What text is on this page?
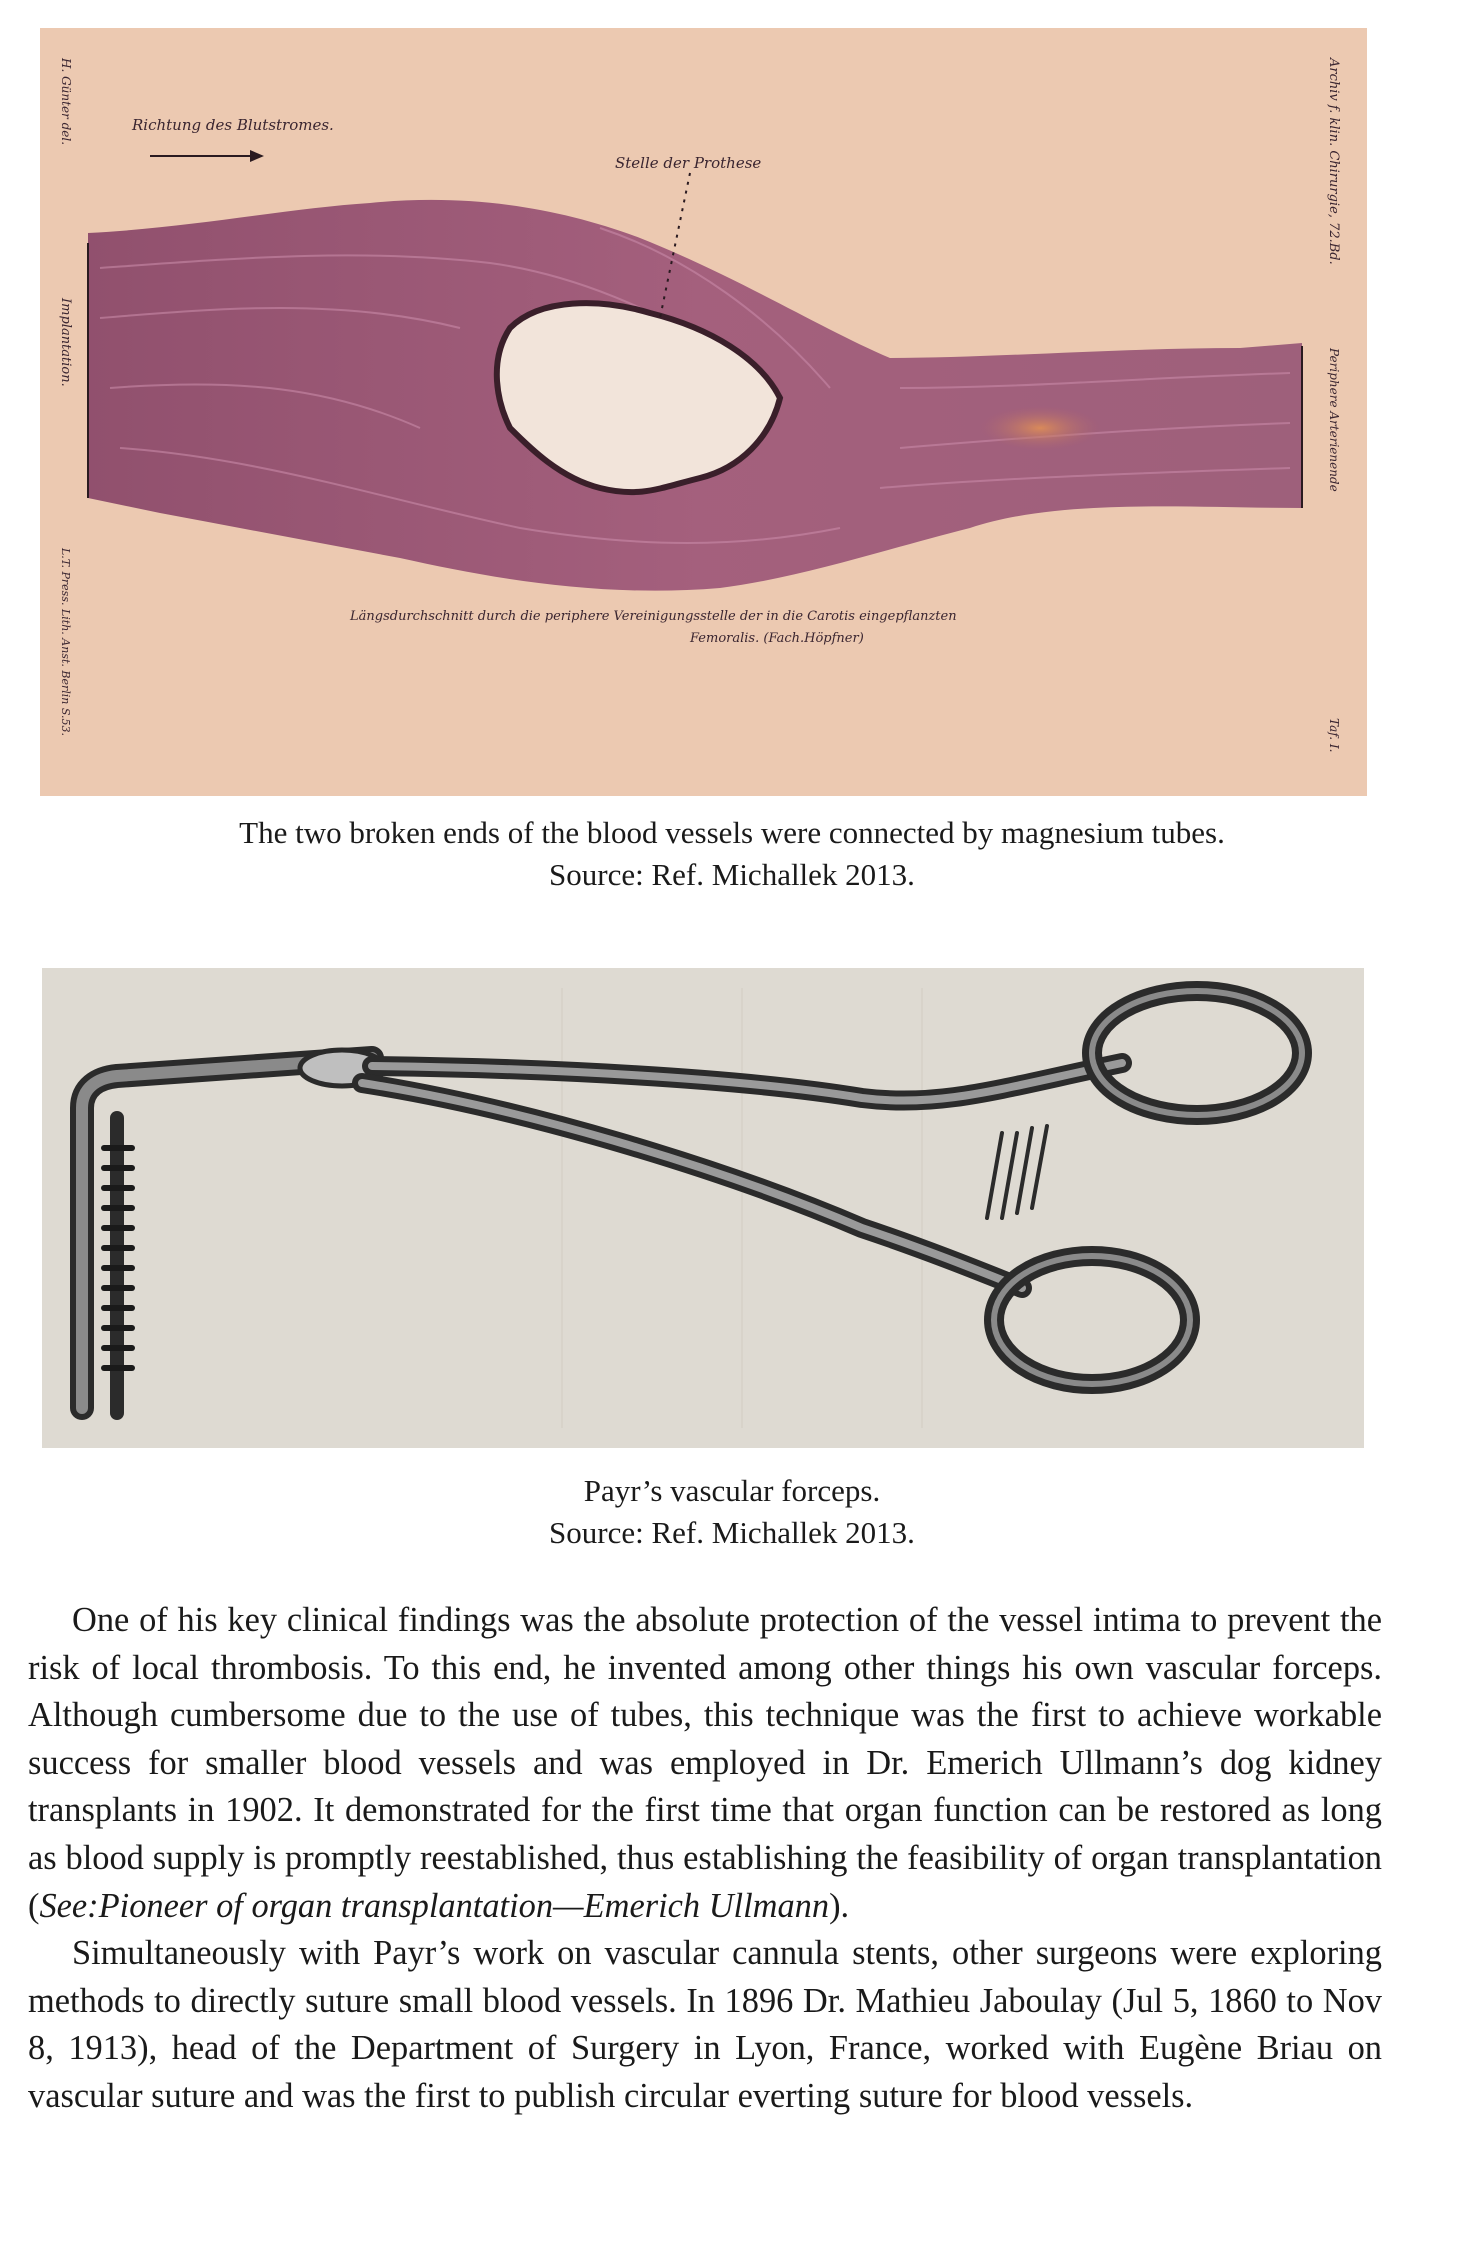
Richtung des Blutstromes.
Stelle der Prothese
Längsdurchschnitt durch die periphere Vereinigungsstelle der in die Carotis eingepflanzten
Femoralis. (Fach.Höpfner)
H. Günter del.
Implantation.
L.T. Press. Lith. Anst. Berlin S.53.
Archiv f. klin. Chirurgie, 72.Bd.
Periphere Arterienende
Taf. I.
The two broken ends of the blood vessels were connected by magnesium tubes.
Source: Ref. Michallek 2013.
Payr’s vascular forceps.
Source: Ref. Michallek 2013.

One of his key clinical findings was the absolute protection of the vessel intima to prevent the risk of local thrombosis. To this end, he invented among other things his own vascular forceps. Although cumbersome due to the use of tubes, this technique was the first to achieve workable success for smaller blood vessels and was employed in Dr. Emerich Ullmann’s dog kidney transplants in 1902. It demonstrated for the first time that organ function can be restored as long as blood supply is promptly reestablished, thus establishing the feasibility of organ transplantation (See:Pioneer of organ transplantation—Emerich Ullmann).

Simultaneously with Payr’s work on vascular cannula stents, other surgeons were exploring methods to directly suture small blood vessels. In 1896 Dr. Mathieu Jaboulay (Jul 5, 1860 to Nov 8, 1913), head of the Department of Surgery in Lyon, France, worked with Eugène Briau on vascular suture and was the first to publish circular everting suture for blood vessels.
